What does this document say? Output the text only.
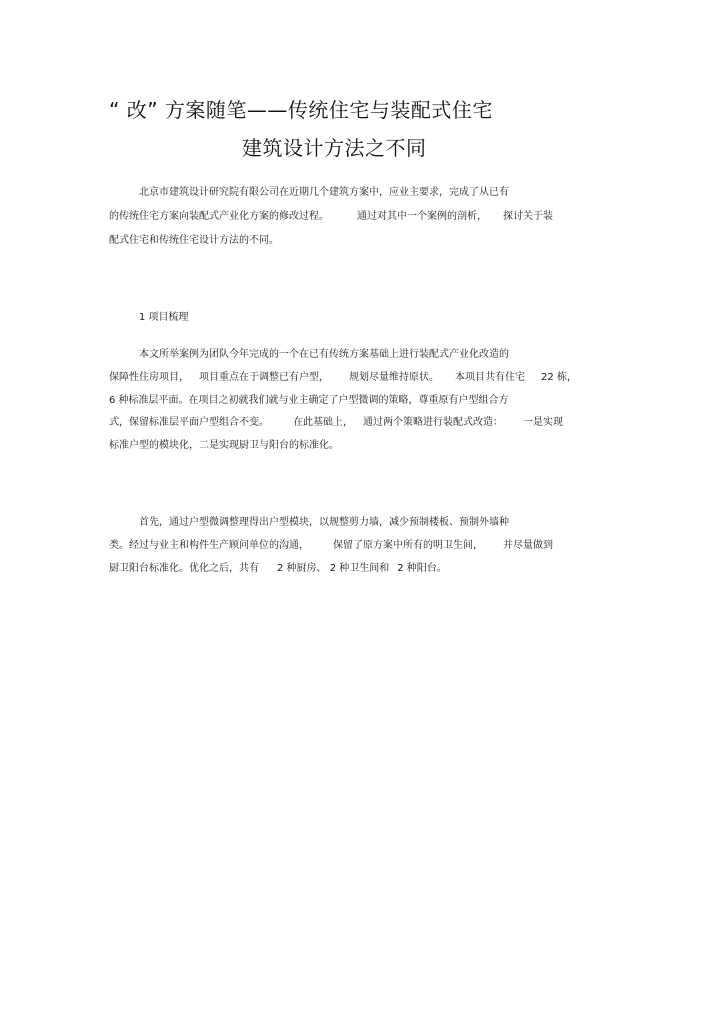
“ 改” 方案随笔——传统住宅与装配式住宅
建筑设计方法之不同
北京市建筑设计研究院有限公司在近期几个建筑方案中，应业主要求，完成了从已有
的传统住宅方案向装配式产业化方案的修改过程。	通过对其中一个案例的剖析， 探讨关于装
配式住宅和传统住宅设计方法的不同。
1 项目梳理
本文所举案例为团队今年完成的一个在已有传统方案基础上进行装配式产业化改造的
保障性住房项目， 项目重点在于调整已有户型， 规划尽量维持原状。 本项目共有住宅 22 栋，
6 种标准层平面。在项目之初就我们就与业主确定了户型微调的策略，尊重原有户型组合方
式，保留标准层平面户型组合不变。 在此基础上， 通过两个策略进行装配式改造： 一是实现
标准户型的模块化，二是实现厨卫与阳台的标准化。
首先，通过户型微调整理得出户型模块，以规整剪力墙，减少预制楼板、预制外墙种
类。经过与业主和构件生产顾问单位的沟通， 保留了原方案中所有的明卫生间， 并尽量做到
厨卫阳台标准化。优化之后，共有 2 种厨房、 2 种卫生间和 2 种阳台。
